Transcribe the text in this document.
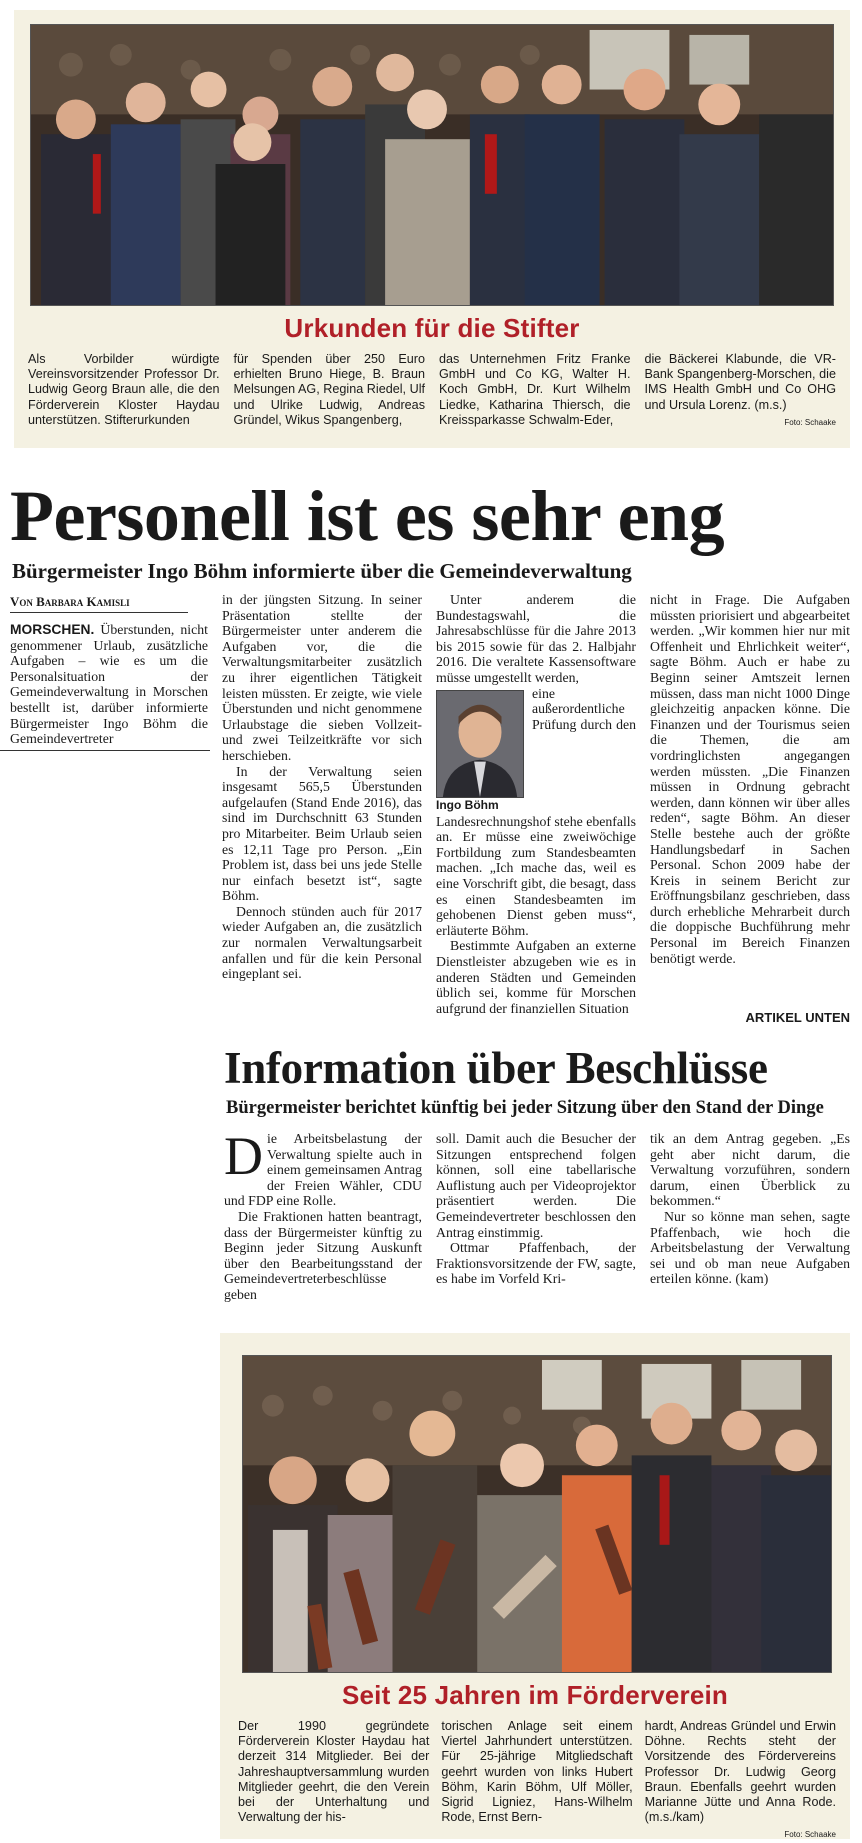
Urkunden für die Stifter
Als Vorbilder würdigte Vereinsvorsitzender Professor Dr. Ludwig Georg Braun alle, die den Förderverein Kloster Haydau unterstützen. Stifterurkunden
für Spenden über 250 Euro erhielten Bruno Hiege, B. Braun Melsungen AG, Regina Riedel, Ulf und Ulrike Ludwig, Andreas Gründel, Wikus Spangenberg,
das Unternehmen Fritz Franke GmbH und Co KG, Walter H. Koch GmbH, Dr. Kurt Wilhelm Liedke, Katharina Thiersch, die Kreissparkasse Schwalm-Eder,
die Bäckerei Klabunde, die VR-Bank Spangenberg-Morschen, die IMS Health GmbH und Co OHG und Ursula Lorenz. (m.s.)
Foto: Schaake
Personell ist es sehr eng
Bürgermeister Ingo Böhm informierte über die Gemeindeverwaltung
Von Barbara Kamisli

MORSCHEN. Überstunden, nicht genommener Urlaub, zusätzliche Aufgaben – wie es um die Personalsituation der Gemeindeverwaltung in Morschen bestellt ist, darüber informierte Bürgermeister Ingo Böhm die Gemeindevertreter

in der jüngsten Sitzung. In seiner Präsentation stellte der Bürgermeister unter anderem die Aufgaben vor, die die Verwaltungsmitarbeiter zusätzlich zu ihrer eigentlichen Tätigkeit leisten müssten. Er zeigte, wie viele Überstunden und nicht genommene Urlaubstage die sieben Vollzeit- und zwei Teilzeitkräfte vor sich herschieben.

In der Verwaltung seien insgesamt 565,5 Überstunden aufgelaufen (Stand Ende 2016), das sind im Durchschnitt 63 Stunden pro Mitarbeiter. Beim Urlaub seien es 12,11 Tage pro Person. „Ein Problem ist, dass bei uns jede Stelle nur einfach besetzt ist“, sagte Böhm.

Dennoch stünden auch für 2017 wieder Aufgaben an, die zusätzlich zur normalen Verwaltungsarbeit anfallen und für die kein Personal eingeplant sei.

Unter anderem die Bundestagswahl, die Jahresabschlüsse für die Jahre 2013 bis 2015 sowie für das 2. Halbjahr 2016. Die veraltete Kassensoftware müsse umgestellt werden,

Ingo Böhm

eine außerordentliche Prüfung durch den Landesrechnungshof stehe ebenfalls an. Er müsse eine zweiwöchige Fortbildung zum Standesbeamten machen. „Ich mache das, weil es eine Vorschrift gibt, die besagt, dass es einen Standesbeamten im gehobenen Dienst geben muss“, erläuterte Böhm.

Bestimmte Aufgaben an externe Dienstleister abzugeben wie es in anderen Städten und Gemeinden üblich sei, komme für Morschen aufgrund der finanziellen Situation

nicht in Frage. Die Aufgaben müssten priorisiert und abgearbeitet werden. „Wir kommen hier nur mit Offenheit und Ehrlichkeit weiter“, sagte Böhm. Auch er habe zu Beginn seiner Amtszeit lernen müssen, dass man nicht 1000 Dinge gleichzeitig anpacken könne. Die Finanzen und der Tourismus seien die Themen, die am vordringlichsten angegangen werden müssten. „Die Finanzen müssen in Ordnung gebracht werden, dann können wir über alles reden“, sagte Böhm. An dieser Stelle bestehe auch der größte Handlungsbedarf in Sachen Personal. Schon 2009 habe der Kreis in seinem Bericht zur Eröffnungsbilanz geschrieben, dass durch erhebliche Mehrarbeit durch die doppische Buchführung mehr Personal im Bereich Finanzen benötigt werde.

ARTIKEL UNTEN
Information über Beschlüsse
Bürgermeister berichtet künftig bei jeder Sitzung über den Stand der Dinge

Die Arbeitsbelastung der Verwaltung spielte auch in einem gemeinsamen Antrag der Freien Wähler, CDU und FDP eine Rolle.

Die Fraktionen hatten beantragt, dass der Bürgermeister künftig zu Beginn jeder Sitzung Auskunft über den Bearbeitungsstand der Gemeindevertreterbeschlüsse geben

soll. Damit auch die Besucher der Sitzungen entsprechend folgen können, soll eine tabellarische Auflistung auch per Videoprojektor präsentiert werden. Die Gemeindevertreter beschlossen den Antrag einstimmig.

Ottmar Pfaffenbach, der Fraktionsvorsitzende der FW, sagte, es habe im Vorfeld Kri-

tik an dem Antrag gegeben. „Es geht aber nicht darum, die Verwaltung vorzuführen, sondern darum, einen Überblick zu bekommen.“

Nur so könne man sehen, sagte Pfaffenbach, wie hoch die Arbeitsbelastung der Verwaltung sei und ob man neue Aufgaben erteilen könne. (kam)

Seit 25 Jahren im Förderverein
Der 1990 gegründete Förderverein Kloster Haydau hat derzeit 314 Mitglieder. Bei der Jahreshauptversammlung wurden Mitglieder geehrt, die den Verein bei der Unterhaltung und Verwaltung der his-
torischen Anlage seit einem Viertel Jahrhundert unterstützen. Für 25-jährige Mitgliedschaft geehrt wurden von links Hubert Böhm, Karin Böhm, Ulf Möller, Sigrid Ligniez, Hans-Wilhelm Rode, Ernst Bern-
hardt, Andreas Gründel und Erwin Döhne. Rechts steht der Vorsitzende des Fördervereins Professor Dr. Ludwig Georg Braun. Ebenfalls geehrt wurden Marianne Jütte und Anna Rode. (m.s./kam)
Foto: Schaake
